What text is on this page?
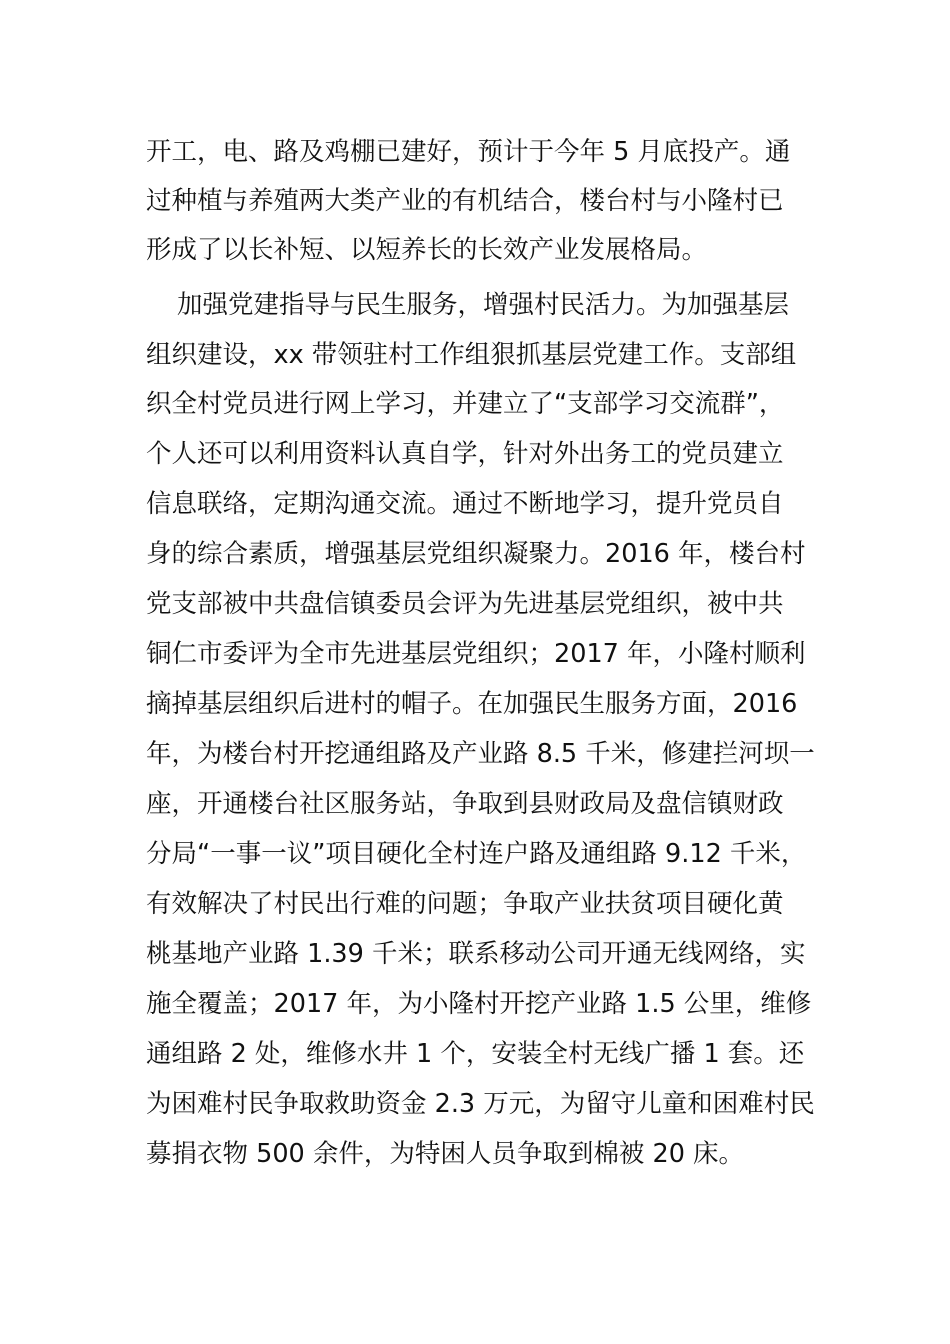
开工，电、路及鸡棚已建好，预计于今年 5 月底投产。通
过种植与养殖两大类产业的有机结合，楼台村与小隆村已
形成了以长补短、以短养长的长效产业发展格局。
加强党建指导与民生服务，增强村民活力。为加强基层
组织建设，xx 带领驻村工作组狠抓基层党建工作。支部组
织全村党员进行网上学习，并建立了“支部学习交流群”，
个人还可以利用资料认真自学，针对外出务工的党员建立
信息联络，定期沟通交流。通过不断地学习，提升党员自
身的综合素质，增强基层党组织凝聚力。2016 年，楼台村
党支部被中共盘信镇委员会评为先进基层党组织，被中共
铜仁市委评为全市先进基层党组织；2017 年，小隆村顺利
摘掉基层组织后进村的帽子。在加强民生服务方面，2016
年，为楼台村开挖通组路及产业路 8.5 千米，修建拦河坝一
座，开通楼台社区服务站，争取到县财政局及盘信镇财政
分局“一事一议”项目硬化全村连户路及通组路 9.12 千米，
有效解决了村民出行难的问题；争取产业扶贫项目硬化黄
桃基地产业路 1.39 千米；联系移动公司开通无线网络，实
施全覆盖；2017 年，为小隆村开挖产业路 1.5 公里，维修
通组路 2 处，维修水井 1 个，安装全村无线广播 1 套。还
为困难村民争取救助资金 2.3 万元，为留守儿童和困难村民
募捐衣物 500 余件，为特困人员争取到棉被 20 床。
